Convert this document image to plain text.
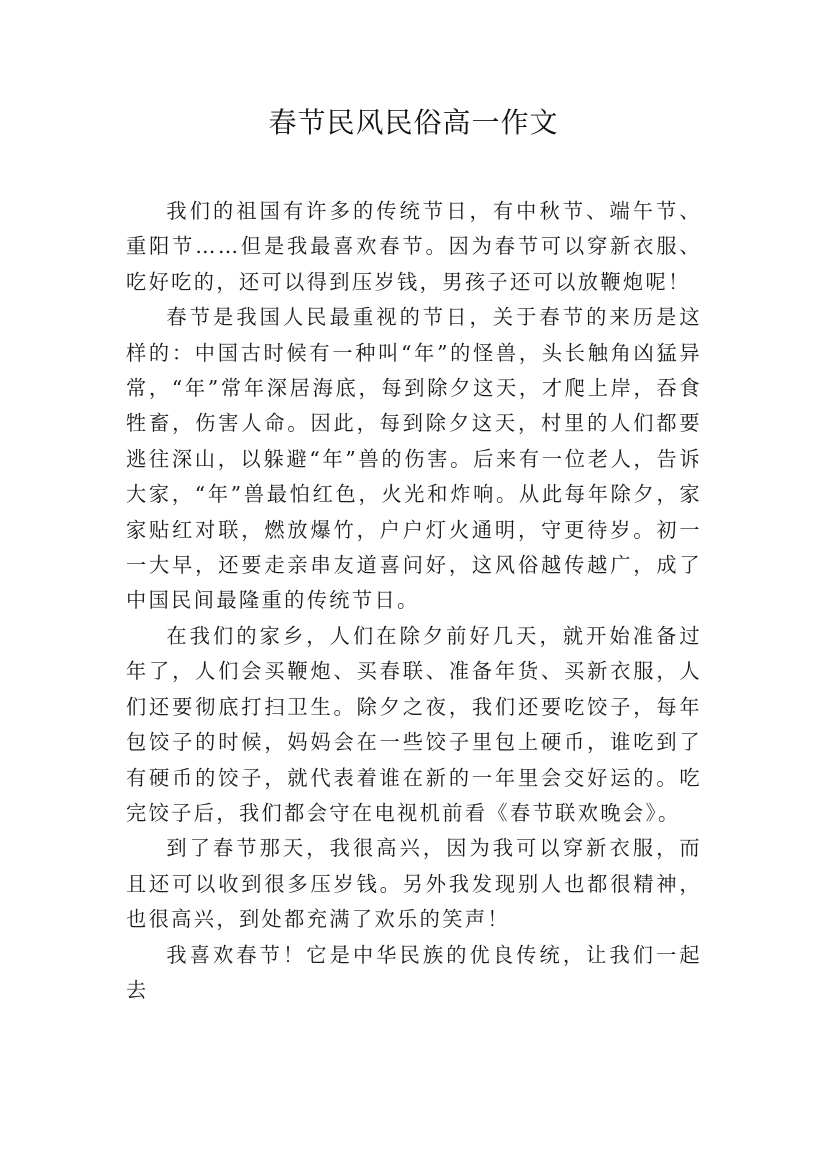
春节民风民俗高一作文

我们的祖国有许多的传统节日，有中秋节、端午节、重阳节……但是我最喜欢春节。因为春节可以穿新衣服、吃好吃的，还可以得到压岁钱，男孩子还可以放鞭炮呢！

春节是我国人民最重视的节日，关于春节的来历是这样的：中国古时候有一种叫“年”的怪兽，头长触角凶猛异常，“年”常年深居海底，每到除夕这天，才爬上岸，吞食牲畜，伤害人命。因此，每到除夕这天，村里的人们都要逃往深山，以躲避“年”兽的伤害。后来有一位老人，告诉大家，“年”兽最怕红色，火光和炸响。从此每年除夕，家家贴红对联，燃放爆竹，户户灯火通明，守更待岁。初一一大早，还要走亲串友道喜问好，这风俗越传越广，成了中国民间最隆重的传统节日。

在我们的家乡，人们在除夕前好几天，就开始准备过年了，人们会买鞭炮、买春联、准备年货、买新衣服，人们还要彻底打扫卫生。除夕之夜，我们还要吃饺子，每年包饺子的时候，妈妈会在一些饺子里包上硬币，谁吃到了有硬币的饺子，就代表着谁在新的一年里会交好运的。吃完饺子后，我们都会守在电视机前看《春节联欢晚会》。

到了春节那天，我很高兴，因为我可以穿新衣服，而且还可以收到很多压岁钱。另外我发现别人也都很精神，也很高兴，到处都充满了欢乐的笑声！

我喜欢春节！它是中华民族的优良传统，让我们一起去
